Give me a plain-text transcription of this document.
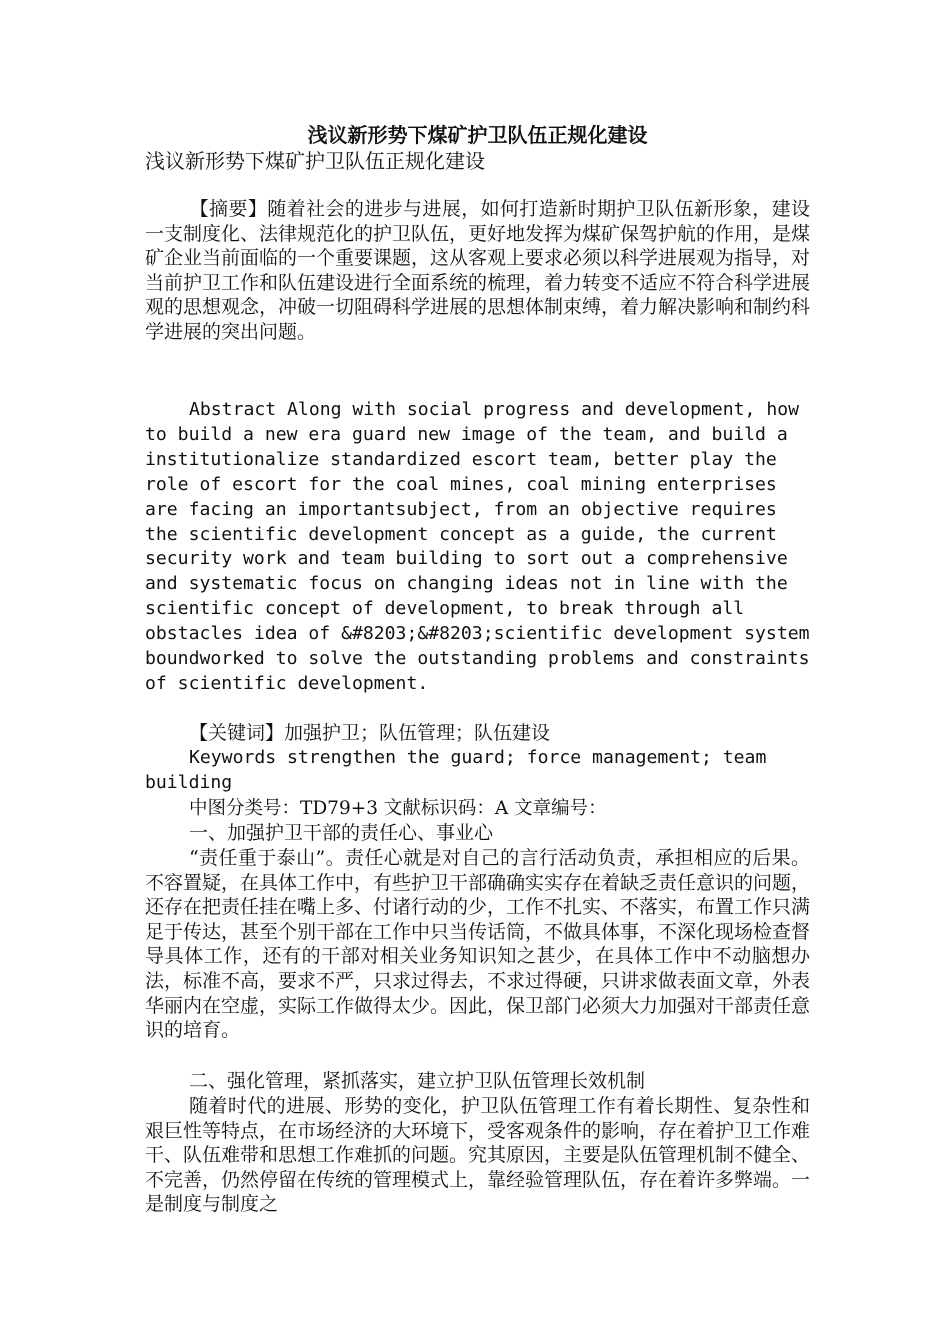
浅议新形势下煤矿护卫队伍正规化建设

浅议新形势下煤矿护卫队伍正规化建设

【摘要】随着社会的进步与进展，如何打造新时期护卫队伍新形象，建设一支制度化、法律规范化的护卫队伍，更好地发挥为煤矿保驾护航的作用，是煤矿企业当前面临的一个重要课题，这从客观上要求必须以科学进展观为指导，对当前护卫工作和队伍建设进行全面系统的梳理，着力转变不适应不符合科学进展观的思想观念，冲破一切阻碍科学进展的思想体制束缚，着力解决影响和制约科学进展的突出问题。

Abstract Along with social progress and development, how to build a new era guard new image of the team, and build a institutionalize standardized escort team, better play the role of escort for the coal mines, coal mining enterprises are facing an importantsubject, from an objective requires the scientific development concept as a guide, the current security work and team building to sort out a comprehensive and systematic focus on changing ideas not in line with the scientific concept of development, to break through all obstacles idea of &#8203;&#8203;scientific development system boundworked to solve the outstanding problems and constraints of scientific development.

【关键词】加强护卫；队伍管理；队伍建设

Keywords strengthen the guard; force management; team building

中图分类号：TD79+3 文献标识码：A 文章编号：

一、加强护卫干部的责任心、事业心

“责任重于泰山”。责任心就是对自己的言行活动负责，承担相应的后果。不容置疑，在具体工作中，有些护卫干部确确实实存在着缺乏责任意识的问题，还存在把责任挂在嘴上多、付诸行动的少，工作不扎实、不落实，布置工作只满足于传达，甚至个别干部在工作中只当传话筒，不做具体事，不深化现场检查督导具体工作，还有的干部对相关业务知识知之甚少，在具体工作中不动脑想办法，标准不高，要求不严，只求过得去，不求过得硬，只讲求做表面文章，外表华丽内在空虚，实际工作做得太少。因此，保卫部门必须大力加强对干部责任意识的培育。

二、强化管理，紧抓落实，建立护卫队伍管理长效机制

随着时代的进展、形势的变化，护卫队伍管理工作有着长期性、复杂性和艰巨性等特点，在市场经济的大环境下，受客观条件的影响，存在着护卫工作难干、队伍难带和思想工作难抓的问题。究其原因，主要是队伍管理机制不健全、不完善，仍然停留在传统的管理模式上，靠经验管理队伍，存在着许多弊端。一是制度与制度之
